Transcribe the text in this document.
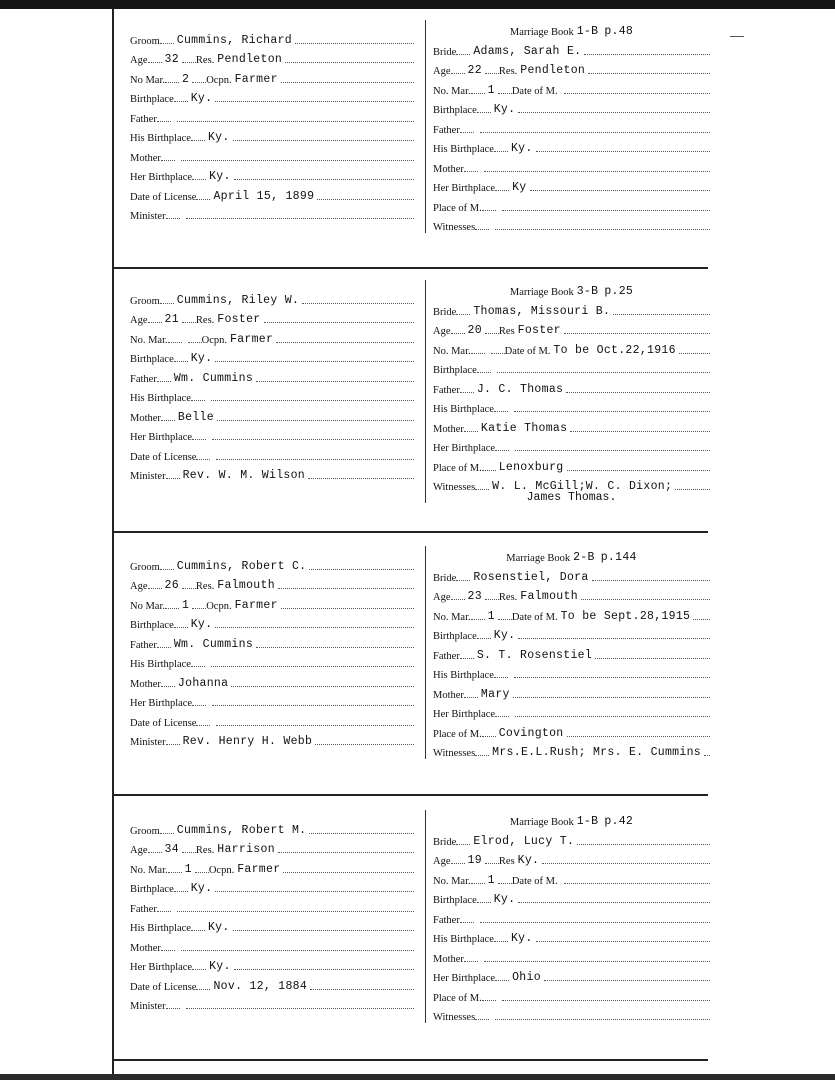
Groom Cummins, Richard
Age 32 Res. Pendleton
No Mar. 2 Ocpn. Farmer
Birthplace Ky.
Father
His Birthplace Ky.
Mother
Her Birthplace Ky.
Date of License April 15, 1899
Minister
Marriage Book 1-B p.48
Bride Adams, Sarah E.
Age 22 Res. Pendleton
No. Mar. 1 Date of M.
Birthplace Ky.
Father
His Birthplace Ky.
Mother
Her Birthplace Ky
Place of M.
Witnesses
Groom Cummins, Riley W.
Age 21 Res. Foster
No. Mar.	Ocpn. Farmer
Birthplace Ky.
Father Wm. Cummins
His Birthplace
Mother Belle
Her Birthplace
Date of License
Minister Rev. W. M. Wilson
Marriage Book 3-B p.25
Bride Thomas, Missouri B.
Age 20 Res Foster
No. Mar.	Date of M. To be Oct.22,1916
Birthplace
Father J. C. Thomas
His Birthplace
Mother Katie Thomas
Her Birthplace
Place of M. Lenoxburg
Witnesses W. L. McGill;W. C. Dixon;
James Thomas.
Groom Cummins, Robert C.
Age 26 Res. Falmouth
No Mar. 1 Ocpn. Farmer
Birthplace Ky.
Father Wm. Cummins
His Birthplace
Mother Johanna
Her Birthplace
Date of License
Minister Rev. Henry H. Webb
Marriage Book 2-B p.144
Bride Rosenstiel, Dora
Age 23 Res. Falmouth
No. Mar. 1 Date of M. To be Sept.28,1915
Birthplace Ky.
Father S. T. Rosenstiel
His Birthplace
Mother Mary
Her Birthplace
Place of M. Covington
Witnesses Mrs.E.L.Rush; Mrs. E. Cummins
Groom Cummins, Robert M.
Age 34 Res. Harrison
No. Mar. 1 Ocpn. Farmer
Birthplace Ky.
Father
His Birthplace Ky.
Mother
Her Birthplace Ky.
Date of License Nov. 12, 1884
Minister
Marriage Book 1-B p.42
Bride Elrod, Lucy T.
Age 19 Res Ky.
No. Mar. 1 Date of M.
Birthplace Ky.
Father
His Birthplace Ky.
Mother
Her Birthplace Ohio
Place of M.
Witnesses
